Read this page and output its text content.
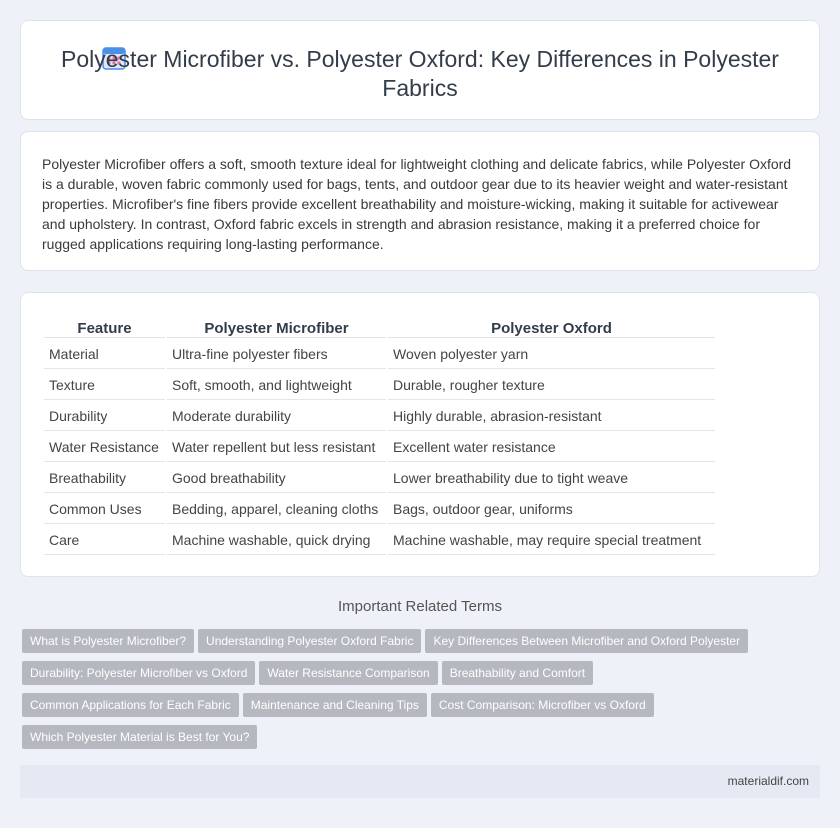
Polyester Microfiber vs. Polyester Oxford: Key Differences in Polyester Fabrics

Polyester Microfiber offers a soft, smooth texture ideal for lightweight clothing and delicate fabrics, while Polyester Oxford is a durable, woven fabric commonly used for bags, tents, and outdoor gear due to its heavier weight and water-resistant properties. Microfiber's fine fibers provide excellent breathability and moisture-wicking, making it suitable for activewear and upholstery. In contrast, Oxford fabric excels in strength and abrasion resistance, making it a preferred choice for rugged applications requiring long-lasting performance.

Feature	Polyester Microfiber	Polyester Oxford
Material	Ultra-fine polyester fibers	Woven polyester yarn
Texture	Soft, smooth, and lightweight	Durable, rougher texture
Durability	Moderate durability	Highly durable, abrasion-resistant
Water Resistance	Water repellent but less resistant	Excellent water resistance
Breathability	Good breathability	Lower breathability due to tight weave
Common Uses	Bedding, apparel, cleaning cloths	Bags, outdoor gear, uniforms
Care	Machine washable, quick drying	Machine washable, may require special treatment
Important Related Terms
What is Polyester Microfiber? Understanding Polyester Oxford Fabric Key Differences Between Microfiber and Oxford Polyester
Durability: Polyester Microfiber vs Oxford Water Resistance Comparison Breathability and Comfort
Common Applications for Each Fabric Maintenance and Cleaning Tips Cost Comparison: Microfiber vs Oxford
Which Polyester Material is Best for You?
materialdif.com
